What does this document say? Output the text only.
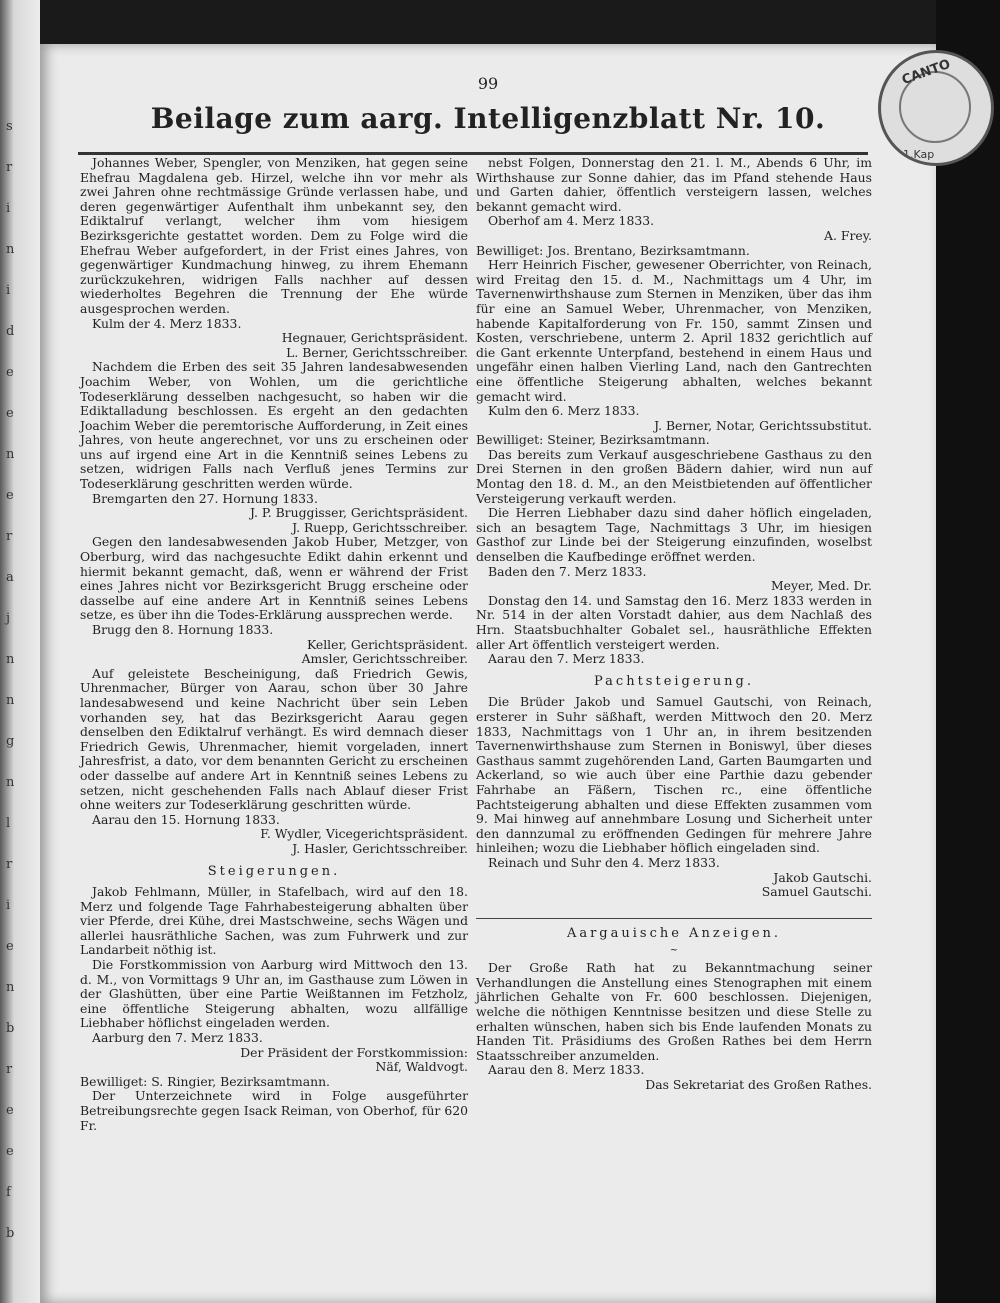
s
r
i
n
i
d
e
e
n
e
r
a
j
n
n
g
n
l
r
i
e
n
b
r
e
e
f
b
99
Beilage zum aarg. Intelligenzblatt Nr. 10.
Johannes Weber, Spengler, von Menziken, hat gegen seine Ehefrau Magdalena geb. Hirzel, welche ihn vor mehr als zwei Jahren ohne rechtmässige Gründe verlassen habe, und deren gegenwärtiger Aufenthalt ihm unbekannt sey, den Ediktalruf verlangt, welcher ihm vom hiesigem Bezirksgerichte gestattet worden. Dem zu Folge wird die Ehefrau Weber aufgefordert, in der Frist eines Jahres, von gegenwärtiger Kundmachung hinweg, zu ihrem Ehemann zurückzukehren, widrigen Falls nachher auf dessen wiederholtes Begehren die Trennung der Ehe würde ausgesprochen werden.
Kulm der 4. Merz 1833.
Hegnauer, Gerichtspräsident.
L. Berner, Gerichtsschreiber.
Nachdem die Erben des seit 35 Jahren landesabwesenden Joachim Weber, von Wohlen, um die gerichtliche Todeserklärung desselben nachgesucht, so haben wir die Ediktalladung beschlossen. Es ergeht an den gedachten Joachim Weber die peremtorische Aufforderung, in Zeit eines Jahres, von heute angerechnet, vor uns zu erscheinen oder uns auf irgend eine Art in die Kenntniß seines Lebens zu setzen, widrigen Falls nach Verfluß jenes Termins zur Todeserklärung geschritten werden würde.
Bremgarten den 27. Hornung 1833.
J. P. Bruggisser, Gerichtspräsident.
J. Ruepp, Gerichtsschreiber.
Gegen den landesabwesenden Jakob Huber, Metzger, von Oberburg, wird das nachgesuchte Edikt dahin erkennt und hiermit bekannt gemacht, daß, wenn er während der Frist eines Jahres nicht vor Bezirksgericht Brugg erscheine oder dasselbe auf eine andere Art in Kenntniß seines Lebens setze, es über ihn die Todes-Erklärung aussprechen werde.
Brugg den 8. Hornung 1833.
Keller, Gerichtspräsident.
Amsler, Gerichtsschreiber.
Auf geleistete Bescheinigung, daß Friedrich Gewis, Uhrenmacher, Bürger von Aarau, schon über 30 Jahre landesabwesend und keine Nachricht über sein Leben vorhanden sey, hat das Bezirksgericht Aarau gegen denselben den Ediktalruf verhängt. Es wird demnach dieser Friedrich Gewis, Uhrenmacher, hiemit vorgeladen, innert Jahresfrist, a dato, vor dem benannten Gericht zu erscheinen oder dasselbe auf andere Art in Kenntniß seines Lebens zu setzen, nicht geschehenden Falls nach Ablauf dieser Frist ohne weiters zur Todeserklärung geschritten würde.
Aarau den 15. Hornung 1833.
F. Wydler, Vicegerichtspräsident.
J. Hasler, Gerichtsschreiber.
Steigerungen.
Jakob Fehlmann, Müller, in Stafelbach, wird auf den 18. Merz und folgende Tage Fahrhabesteigerung abhalten über vier Pferde, drei Kühe, drei Mastschweine, sechs Wägen und allerlei hausräthliche Sachen, was zum Fuhrwerk und zur Landarbeit nöthig ist.
Die Forstkommission von Aarburg wird Mittwoch den 13. d. M., von Vormittags 9 Uhr an, im Gasthause zum Löwen in der Glashütten, über eine Partie Weißtannen im Fetzholz, eine öffentliche Steigerung abhalten, wozu allfällige Liebhaber höflichst eingeladen werden.
Aarburg den 7. Merz 1833.
Der Präsident der Forstkommission:
Näf, Waldvogt.
Bewilliget: S. Ringier, Bezirksamtmann.
Der Unterzeichnete wird in Folge ausgeführter Betreibungsrechte gegen Isack Reiman, von Oberhof, für 620 Fr.
nebst Folgen, Donnerstag den 21. l. M., Abends 6 Uhr, im Wirthshause zur Sonne dahier, das im Pfand stehende Haus und Garten dahier, öffentlich versteigern lassen, welches bekannt gemacht wird.
Oberhof am 4. Merz 1833.
A. Frey.
Bewilliget: Jos. Brentano, Bezirksamtmann.
Herr Heinrich Fischer, gewesener Oberrichter, von Reinach, wird Freitag den 15. d. M., Nachmittags um 4 Uhr, im Tavernenwirthshause zum Sternen in Menziken, über das ihm für eine an Samuel Weber, Uhrenmacher, von Menziken, habende Kapitalforderung von Fr. 150, sammt Zinsen und Kosten, verschriebene, unterm 2. April 1832 gerichtlich auf die Gant erkennte Unterpfand, bestehend in einem Haus und ungefähr einen halben Vierling Land, nach den Gantrechten eine öffentliche Steigerung abhalten, welches bekannt gemacht wird.
Kulm den 6. Merz 1833.
J. Berner, Notar, Gerichtssubstitut.
Bewilliget: Steiner, Bezirksamtmann.
Das bereits zum Verkauf ausgeschriebene Gasthaus zu den Drei Sternen in den großen Bädern dahier, wird nun auf Montag den 18. d. M., an den Meistbietenden auf öffentlicher Versteigerung verkauft werden.
Die Herren Liebhaber dazu sind daher höflich eingeladen, sich an besagtem Tage, Nachmittags 3 Uhr, im hiesigen Gasthof zur Linde bei der Steigerung einzufinden, woselbst denselben die Kaufbedinge eröffnet werden.
Baden den 7. Merz 1833.
Meyer, Med. Dr.
Donstag den 14. und Samstag den 16. Merz 1833 werden in Nr. 514 in der alten Vorstadt dahier, aus dem Nachlaß des Hrn. Staatsbuchhalter Gobalet sel., hausräthliche Effekten aller Art öffentlich versteigert werden.
Aarau den 7. Merz 1833.
Pachtsteigerung.
Die Brüder Jakob und Samuel Gautschi, von Reinach, ersterer in Suhr säßhaft, werden Mittwoch den 20. Merz 1833, Nachmittags von 1 Uhr an, in ihrem besitzenden Tavernenwirthshause zum Sternen in Boniswyl, über dieses Gasthaus sammt zugehörenden Land, Garten Baumgarten und Ackerland, so wie auch über eine Parthie dazu gebender Fahrhabe an Fäßern, Tischen rc., eine öffentliche Pachtsteigerung abhalten und diese Effekten zusammen vom 9. Mai hinweg auf annehmbare Losung und Sicherheit unter den dannzumal zu eröffnenden Gedingen für mehrere Jahre hinleihen; wozu die Liebhaber höflich eingeladen sind.
Reinach und Suhr den 4. Merz 1833.
Jakob Gautschi.
Samuel Gautschi.
Aargauische Anzeigen.
~
Der Große Rath hat zu Bekanntmachung seiner Verhandlungen die Anstellung eines Stenographen mit einem jährlichen Gehalte von Fr. 600 beschlossen. Diejenigen, welche die nöthigen Kenntnisse besitzen und diese Stelle zu erhalten wünschen, haben sich bis Ende laufenden Monats zu Handen Tit. Präsidiums des Großen Rathes bei dem Herrn Staatsschreiber anzumelden.
Aarau den 8. Merz 1833.
Das Sekretariat des Großen Rathes.
CANTO
1.Kap
